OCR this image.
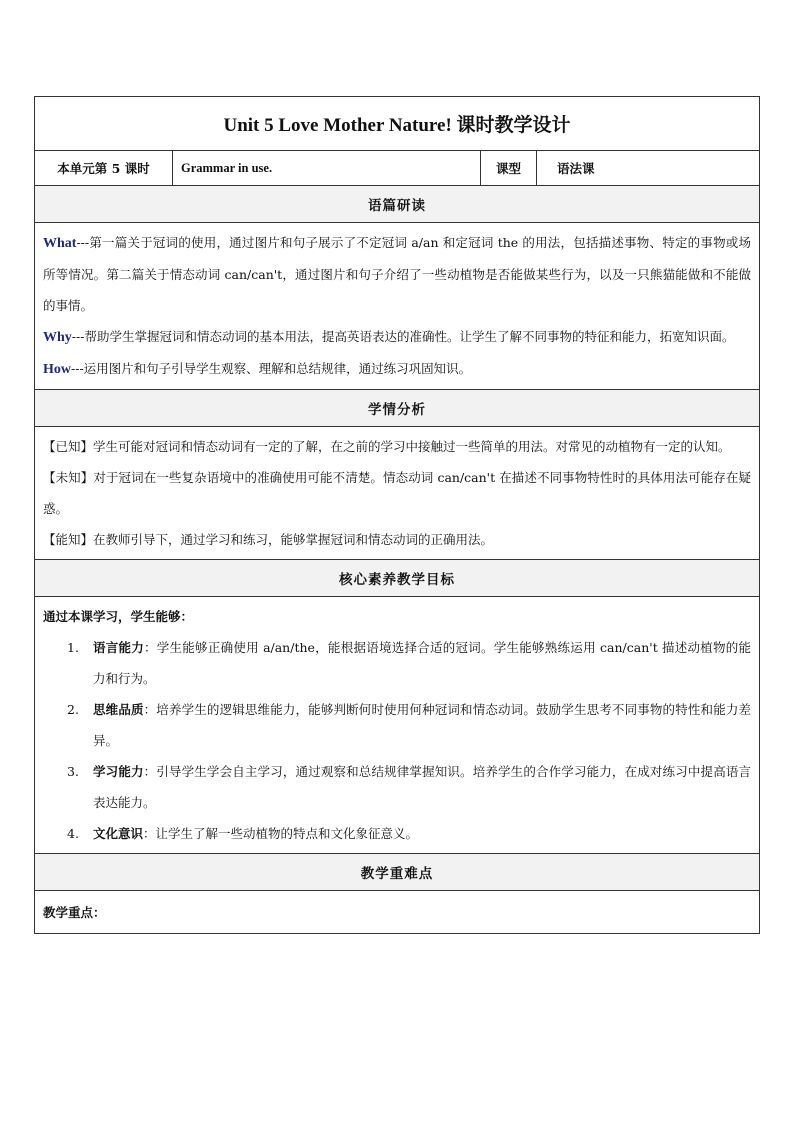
Unit 5 Love Mother Nature! 课时教学设计
本单元第 5 课时	Grammar in use.	课型	语法课
语篇研读

What---第一篇关于冠词的使用，通过图片和句子展示了不定冠词 a/an 和定冠词 the 的用法，包括描述事物、特定的事物或场所等情况。第二篇关于情态动词 can/can't，通过图片和句子介绍了一些动植物是否能做某些行为，以及一只熊猫能做和不能做的事情。

Why---帮助学生掌握冠词和情态动词的基本用法，提高英语表达的准确性。让学生了解不同事物的特征和能力，拓宽知识面。

How---运用图片和句子引导学生观察、理解和总结规律，通过练习巩固知识。

学情分析

【已知】学生可能对冠词和情态动词有一定的了解，在之前的学习中接触过一些简单的用法。对常见的动植物有一定的认知。

【未知】对于冠词在一些复杂语境中的准确使用可能不清楚。情态动词 can/can't 在描述不同事物特性时的具体用法可能存在疑惑。

【能知】在教师引导下，通过学习和练习，能够掌握冠词和情态动词的正确用法。

核心素养教学目标

通过本课学习，学生能够：

1. 语言能力：学生能够正确使用 a/an/the，能根据语境选择合适的冠词。学生能够熟练运用 can/can't 描述动植物的能力和行为。
2. 思维品质：培养学生的逻辑思维能力，能够判断何时使用何种冠词和情态动词。鼓励学生思考不同事物的特性和能力差异。
3. 学习能力：引导学生学会自主学习，通过观察和总结规律掌握知识。培养学生的合作学习能力，在成对练习中提高语言表达能力。
4. 文化意识：让学生了解一些动植物的特点和文化象征意义。

教学重难点
教学重点：
